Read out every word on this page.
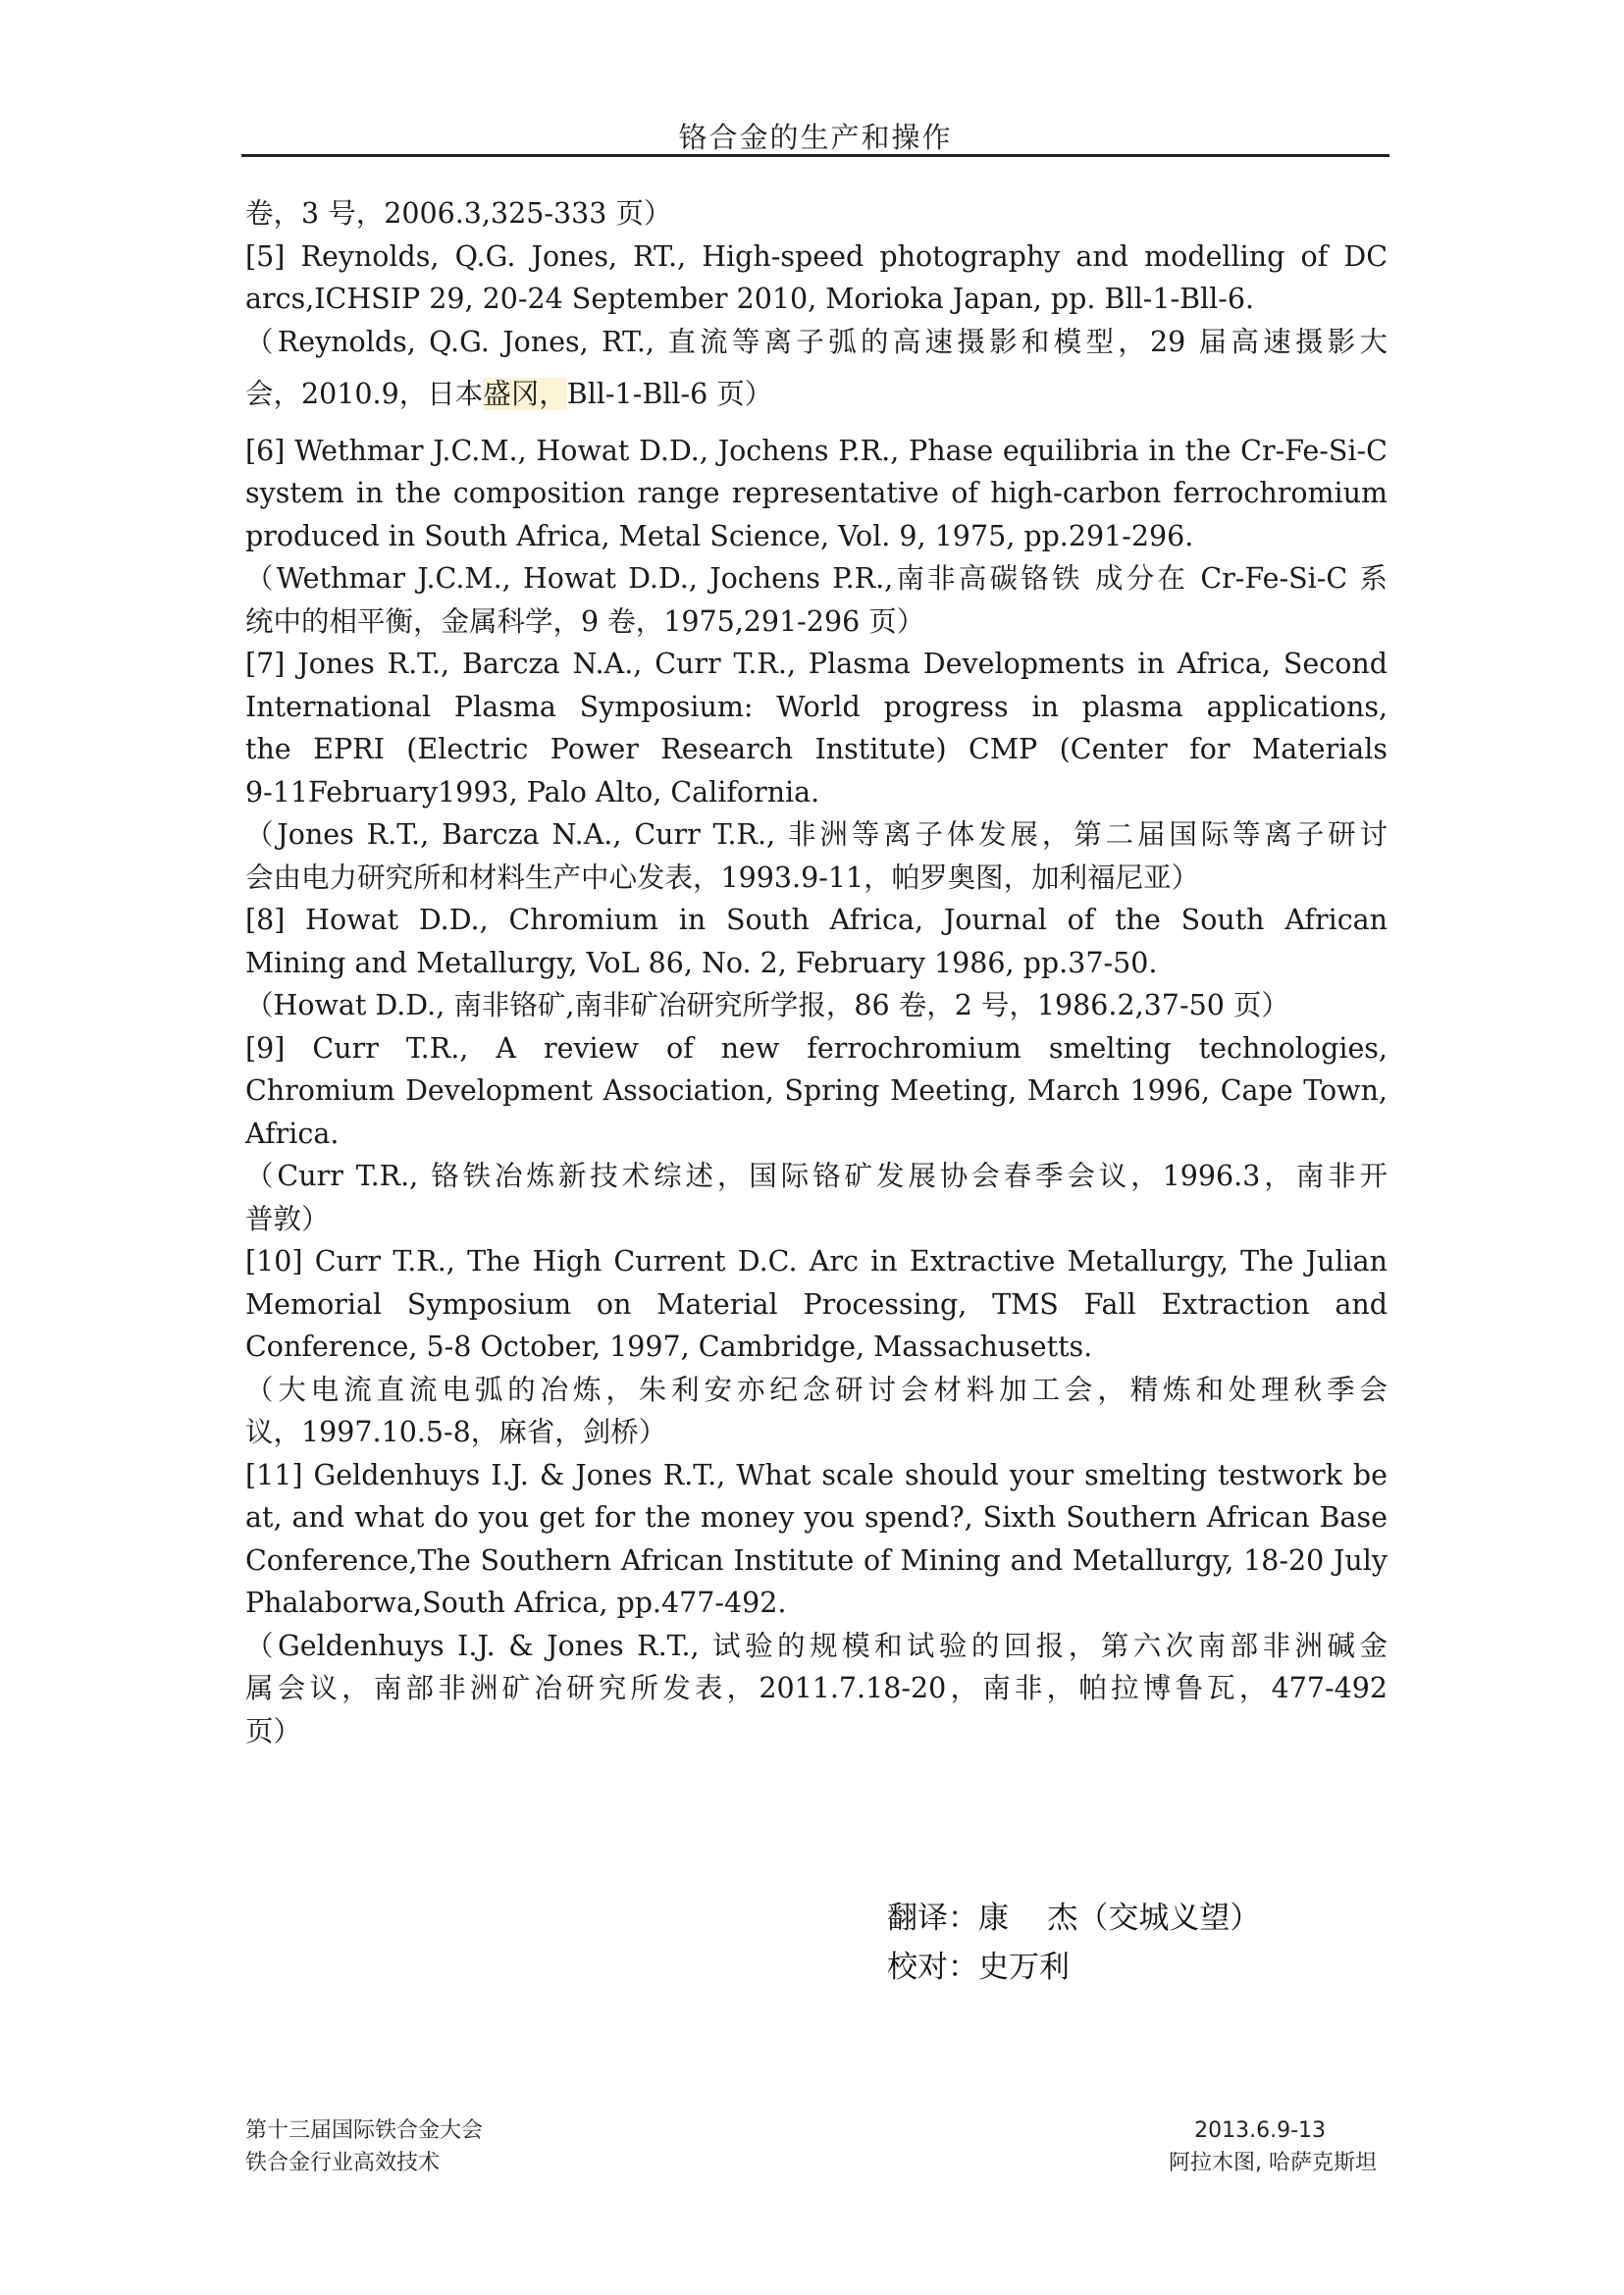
铬合金的生产和操作
卷，3 号，2006.3,325-333 页）
[5] Reynolds, Q.G. Jones, RT., High-speed photography and modelling of DC
arcs,ICHSIP 29, 20-24 September 2010, Morioka Japan, pp. Bll-1-Bll-6.
（Reynolds, Q.G. Jones, RT., 直流等离子弧的高速摄影和模型，29 届高速摄影大
会，2010.9，日本盛冈，Bll-1-Bll-6 页）
[6] Wethmar J.C.M., Howat D.D., Jochens P.R., Phase equilibria in the Cr-Fe-Si-C
system in the composition range representative of high-carbon ferrochromium
produced in South Africa, Metal Science, Vol. 9, 1975, pp.291-296.
（Wethmar J.C.M., Howat D.D., Jochens P.R.,南非高碳铬铁 成分在 Cr-Fe-Si-C 系
统中的相平衡，金属科学，9 卷，1975,291-296 页）
[7] Jones R.T., Barcza N.A., Curr T.R., Plasma Developments in Africa, Second
International Plasma Symposium: World progress in plasma applications,
the EPRI (Electric Power Research Institute) CMP (Center for Materials
9-11February1993, Palo Alto, California.
（Jones R.T., Barcza N.A., Curr T.R., 非洲等离子体发展，第二届国际等离子研讨
会由电力研究所和材料生产中心发表，1993.9-11，帕罗奥图，加利福尼亚）
[8] Howat D.D., Chromium in South Africa, Journal of the South African
Mining and Metallurgy, VoL 86, No. 2, February 1986, pp.37-50.
（Howat D.D., 南非铬矿,南非矿冶研究所学报，86 卷，2 号，1986.2,37-50 页）
[9] Curr T.R., A review of new ferrochromium smelting technologies,
Chromium Development Association, Spring Meeting, March 1996, Cape Town,
Africa.
（Curr T.R., 铬铁冶炼新技术综述，国际铬矿发展协会春季会议，1996.3，南非开
普敦）
[10] Curr T.R., The High Current D.C. Arc in Extractive Metallurgy, The Julian
Memorial Symposium on Material Processing, TMS Fall Extraction and
Conference, 5-8 October, 1997, Cambridge, Massachusetts.
（大电流直流电弧的冶炼，朱利安亦纪念研讨会材料加工会，精炼和处理秋季会
议，1997.10.5-8，麻省，剑桥）
[11] Geldenhuys I.J. & Jones R.T., What scale should your smelting testwork be
at, and what do you get for the money you spend?, Sixth Southern African Base
Conference,The Southern African Institute of Mining and Metallurgy, 18-20 July
Phalaborwa,South Africa, pp.477-492.
（Geldenhuys I.J. & Jones R.T., 试验的规模和试验的回报，第六次南部非洲碱金
属会议，南部非洲矿冶研究所发表，2011.7.18-20，南非，帕拉博鲁瓦，477-492
页）
翻译：康    杰（交城义望）
校对：史万利
第十三届国际铁合金大会
铁合金行业高效技术
2013.6.9-13
阿拉木图, 哈萨克斯坦
